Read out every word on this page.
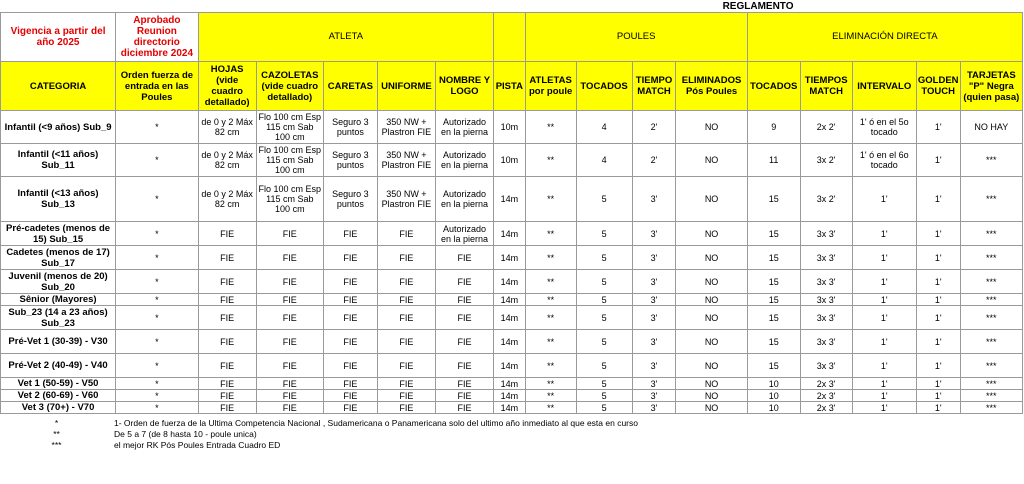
							REGLAMENTO									
Vigencia a partir del año 2025	Aprobado Reunion directorio diciembre 2024	ATLETA						POULES				ELIMINACIÓN DIRECTA				
CATEGORIA	Orden fuerza de entrada en las Poules	HOJAS (vide cuadro detallado)	CAZOLETAS (vide cuadro detallado)	CARETAS	UNIFORME	NOMBRE Y LOGO	PISTA	ATLETAS por poule	TOCADOS	TIEMPO MATCH	ELIMINADOS Pós Poules	TOCADOS	TIEMPOS MATCH	INTERVALO	GOLDEN TOUCH	TARJETAS "P" Negra (quien pasa)
Infantil (<9 años) Sub_9	*	de 0 y 2 Máx 82 cm	Flo 100 cm Esp 115 cm Sab 100 cm	Seguro 3 puntos	350 NW + Plastron FIE	Autorizado en la pierna	10m	**	4	2'	NO	9	2x 2'	1' ó en el 5o tocado	1'	NO HAY
Infantil (<11 años) Sub_11	*	de 0 y 2 Máx 82 cm	Flo 100 cm Esp 115 cm Sab 100 cm	Seguro 3 puntos	350 NW + Plastron FIE	Autorizado en la pierna	10m	**	4	2'	NO	11	3x 2'	1' ó en el 6o tocado	1'	***
Infantil (<13 años) Sub_13	*	de 0 y 2 Máx 82 cm	Flo 100 cm Esp 115 cm Sab 100 cm	Seguro 3 puntos	350 NW + Plastron FIE	Autorizado en la pierna	14m	**	5	3'	NO	15	3x 2'	1'	1'	***
Pré-cadetes (menos de 15) Sub_15	*	FIE	FIE	FIE	FIE	Autorizado en la pierna	14m	**	5	3'	NO	15	3x 3'	1'	1'	***
Cadetes (menos de 17) Sub_17	*	FIE	FIE	FIE	FIE	FIE	14m	**	5	3'	NO	15	3x 3'	1'	1'	***
Juvenil (menos de 20) Sub_20	*	FIE	FIE	FIE	FIE	FIE	14m	**	5	3'	NO	15	3x 3'	1'	1'	***
Sênior (Mayores)	*	FIE	FIE	FIE	FIE	FIE	14m	**	5	3'	NO	15	3x 3'	1'	1'	***
Sub_23 (14 a 23 años) Sub_23	*	FIE	FIE	FIE	FIE	FIE	14m	**	5	3'	NO	15	3x 3'	1'	1'	***
Pré-Vet 1 (30-39) - V30	*	FIE	FIE	FIE	FIE	FIE	14m	**	5	3'	NO	15	3x 3'	1'	1'	***
Pré-Vet 2 (40-49) - V40	*	FIE	FIE	FIE	FIE	FIE	14m	**	5	3'	NO	15	3x 3'	1'	1'	***
Vet 1 (50-59) - V50	*	FIE	FIE	FIE	FIE	FIE	14m	**	5	3'	NO	10	2x 3'	1'	1'	***
Vet 2 (60-69) - V60	*	FIE	FIE	FIE	FIE	FIE	14m	**	5	3'	NO	10	2x 3'	1'	1'	***
Vet 3 (70+) - V70	*	FIE	FIE	FIE	FIE	FIE	14m	**	5	3'	NO	10	2x 3'	1'	1'	***
*	1- Orden de fuerza de la Ultima Competencia Nacional , Sudamericana o Panamericana solo del ultimo año inmediato al que esta en curso
**	De 5 a 7 (de 8 hasta 10 - poule unica)
***	el mejor RK Pós Poules Entrada Cuadro ED
